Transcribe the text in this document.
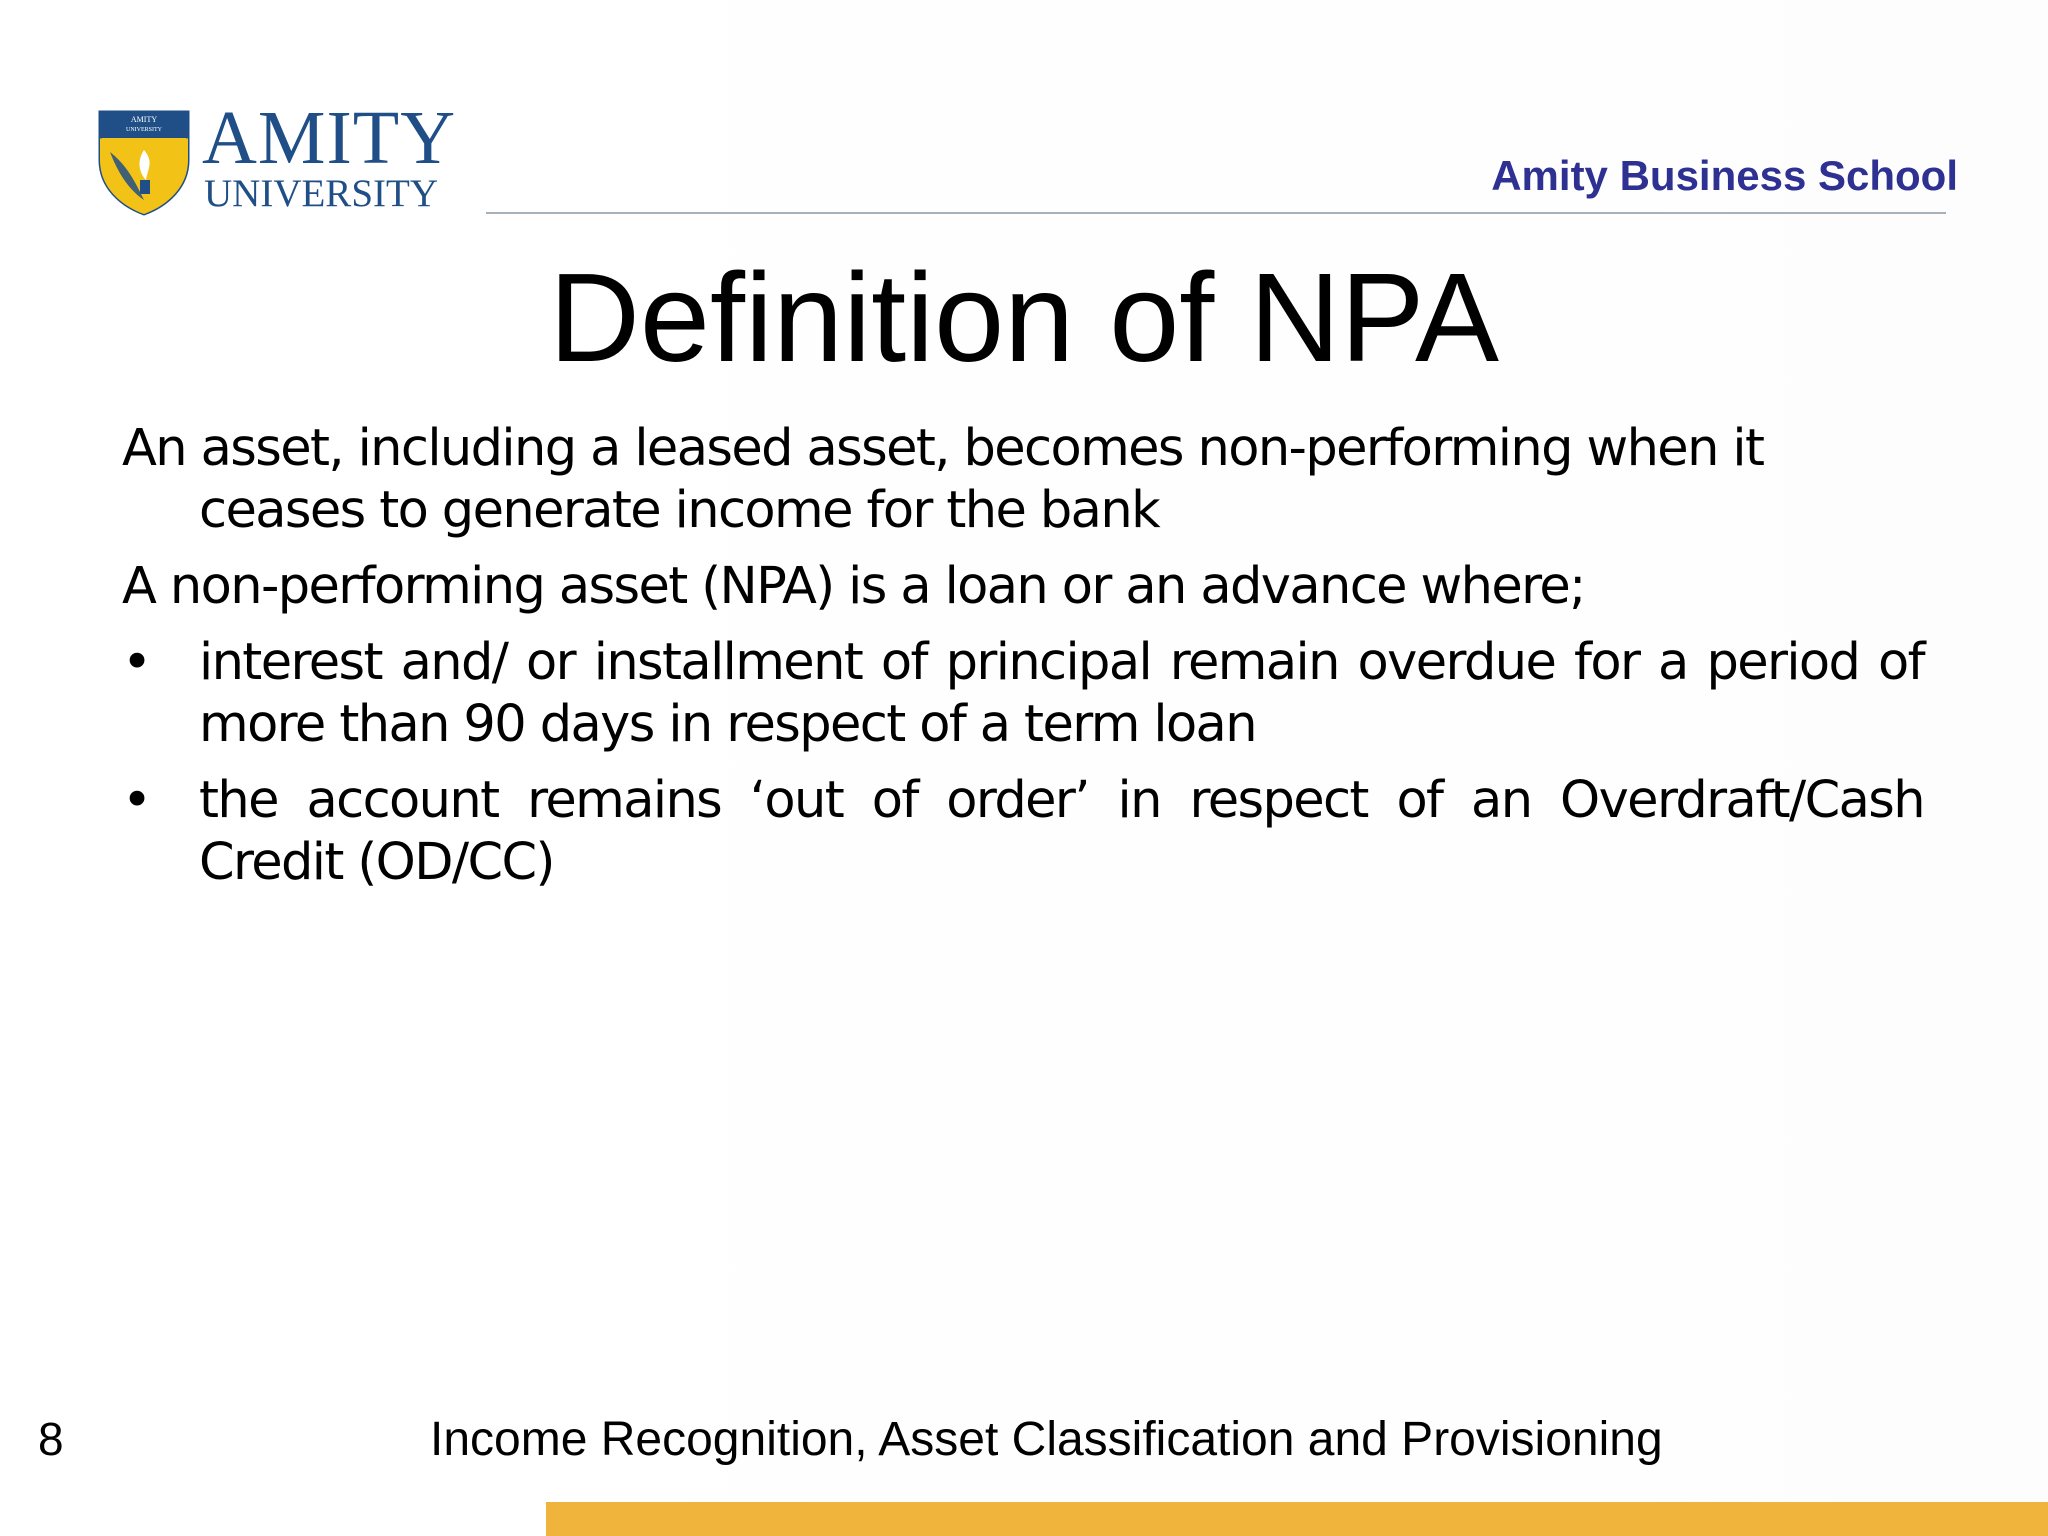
AMITY
UNIVERSITY AMITY
UNIVERSITY	Amity Business School
Definition of NPA

An asset, including a leased asset, becomes non-performing when it ceases to generate income for the bank

A non-performing asset (NPA) is a loan or an advance where;

• interest and/ or installment of principal remain overdue for a period of more than 90 days in respect of a term loan
• the account remains ‘out of order’ in respect of an Overdraft/Cash Credit (OD/CC)
8	Income Recognition, Asset Classification and Provisioning
